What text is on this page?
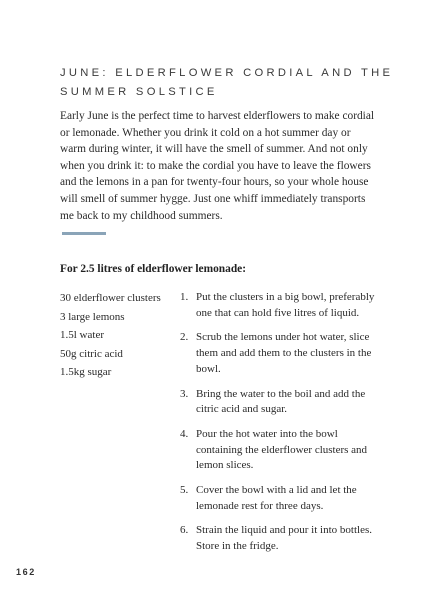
JUNE: ELDERFLOWER CORDIAL AND THE
SUMMER SOLSTICE

Early June is the perfect time to harvest elderflowers to make cordial or lemonade. Whether you drink it cold on a hot summer day or warm during winter, it will have the smell of summer. And not only when you drink it: to make the cordial you have to leave the flowers and the lemons in a pan for twenty-four hours, so your whole house will smell of summer hygge. Just one whiff immediately transports me back to my childhood summers.

For 2.5 litres of elderflower lemonade:

30 elderflower clusters
3 large lemons
1.5l water
50g citric acid
1.5kg sugar
1. Put the clusters in a big bowl, preferably one that can hold five litres of liquid.
2. Scrub the lemons under hot water, slice them and add them to the clusters in the bowl.
3. Bring the water to the boil and add the citric acid and sugar.
4. Pour the hot water into the bowl containing the elderflower clusters and lemon slices.
5. Cover the bowl with a lid and let the lemonade rest for three days.
6. Strain the liquid and pour it into bottles. Store in the fridge.
162
